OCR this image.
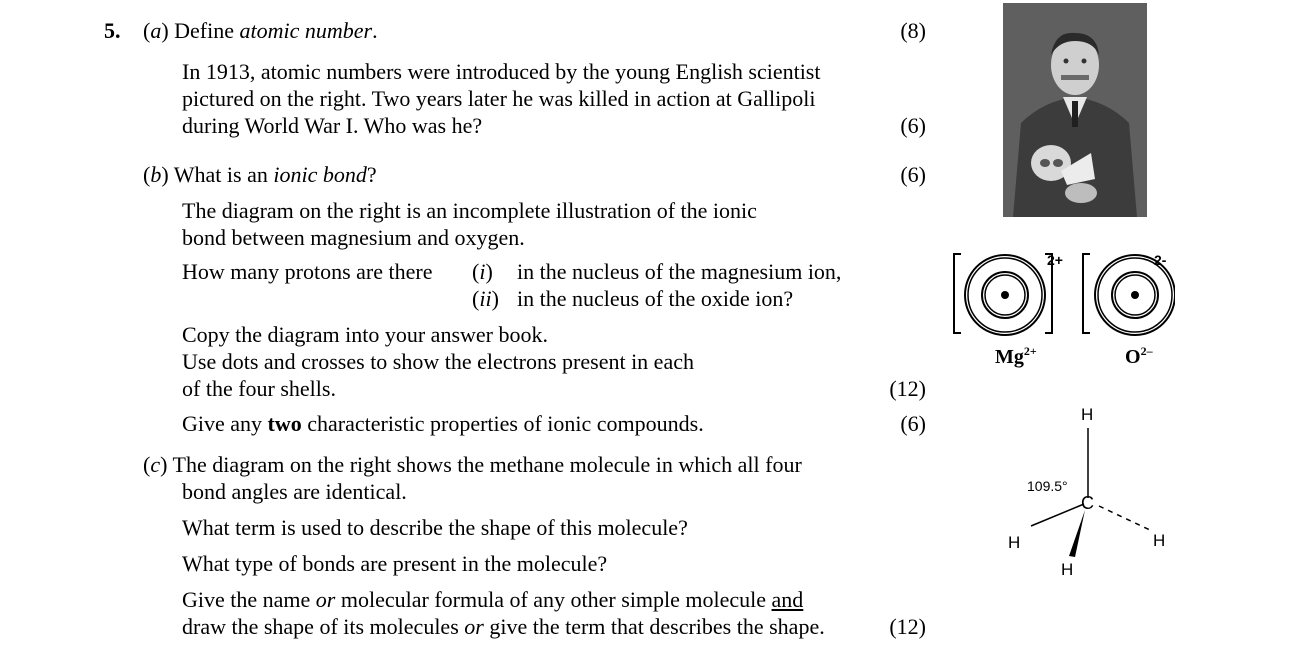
5. (a) Define atomic number.	(8)
In 1913, atomic numbers were introduced by the young English scientist
pictured on the right. Two years later he was killed in action at Gallipoli
during World War I. Who was he?	(6)
(b) What is an ionic bond?	(6)
The diagram on the right is an incomplete illustration of the ionic
bond between magnesium and oxygen.
How many protons are there (i) in the nucleus of the magnesium ion,
(ii) in the nucleus of the oxide ion?
Copy the diagram into your answer book.
Use dots and crosses to show the electrons present in each
of the four shells.	(12)
Give any two characteristic properties of ionic compounds.	(6)
(c) The diagram on the right shows the methane molecule in which all four
bond angles are identical.
What term is used to describe the shape of this molecule?
What type of bonds are present in the molecule?
Give the name or molecular formula of any other simple molecule and
draw the shape of its molecules or give the term that describes the shape.	(12)
2+	2-
$Mg^{2+}$	$O^{2-}$
H
C
H	H
H
109.5°
